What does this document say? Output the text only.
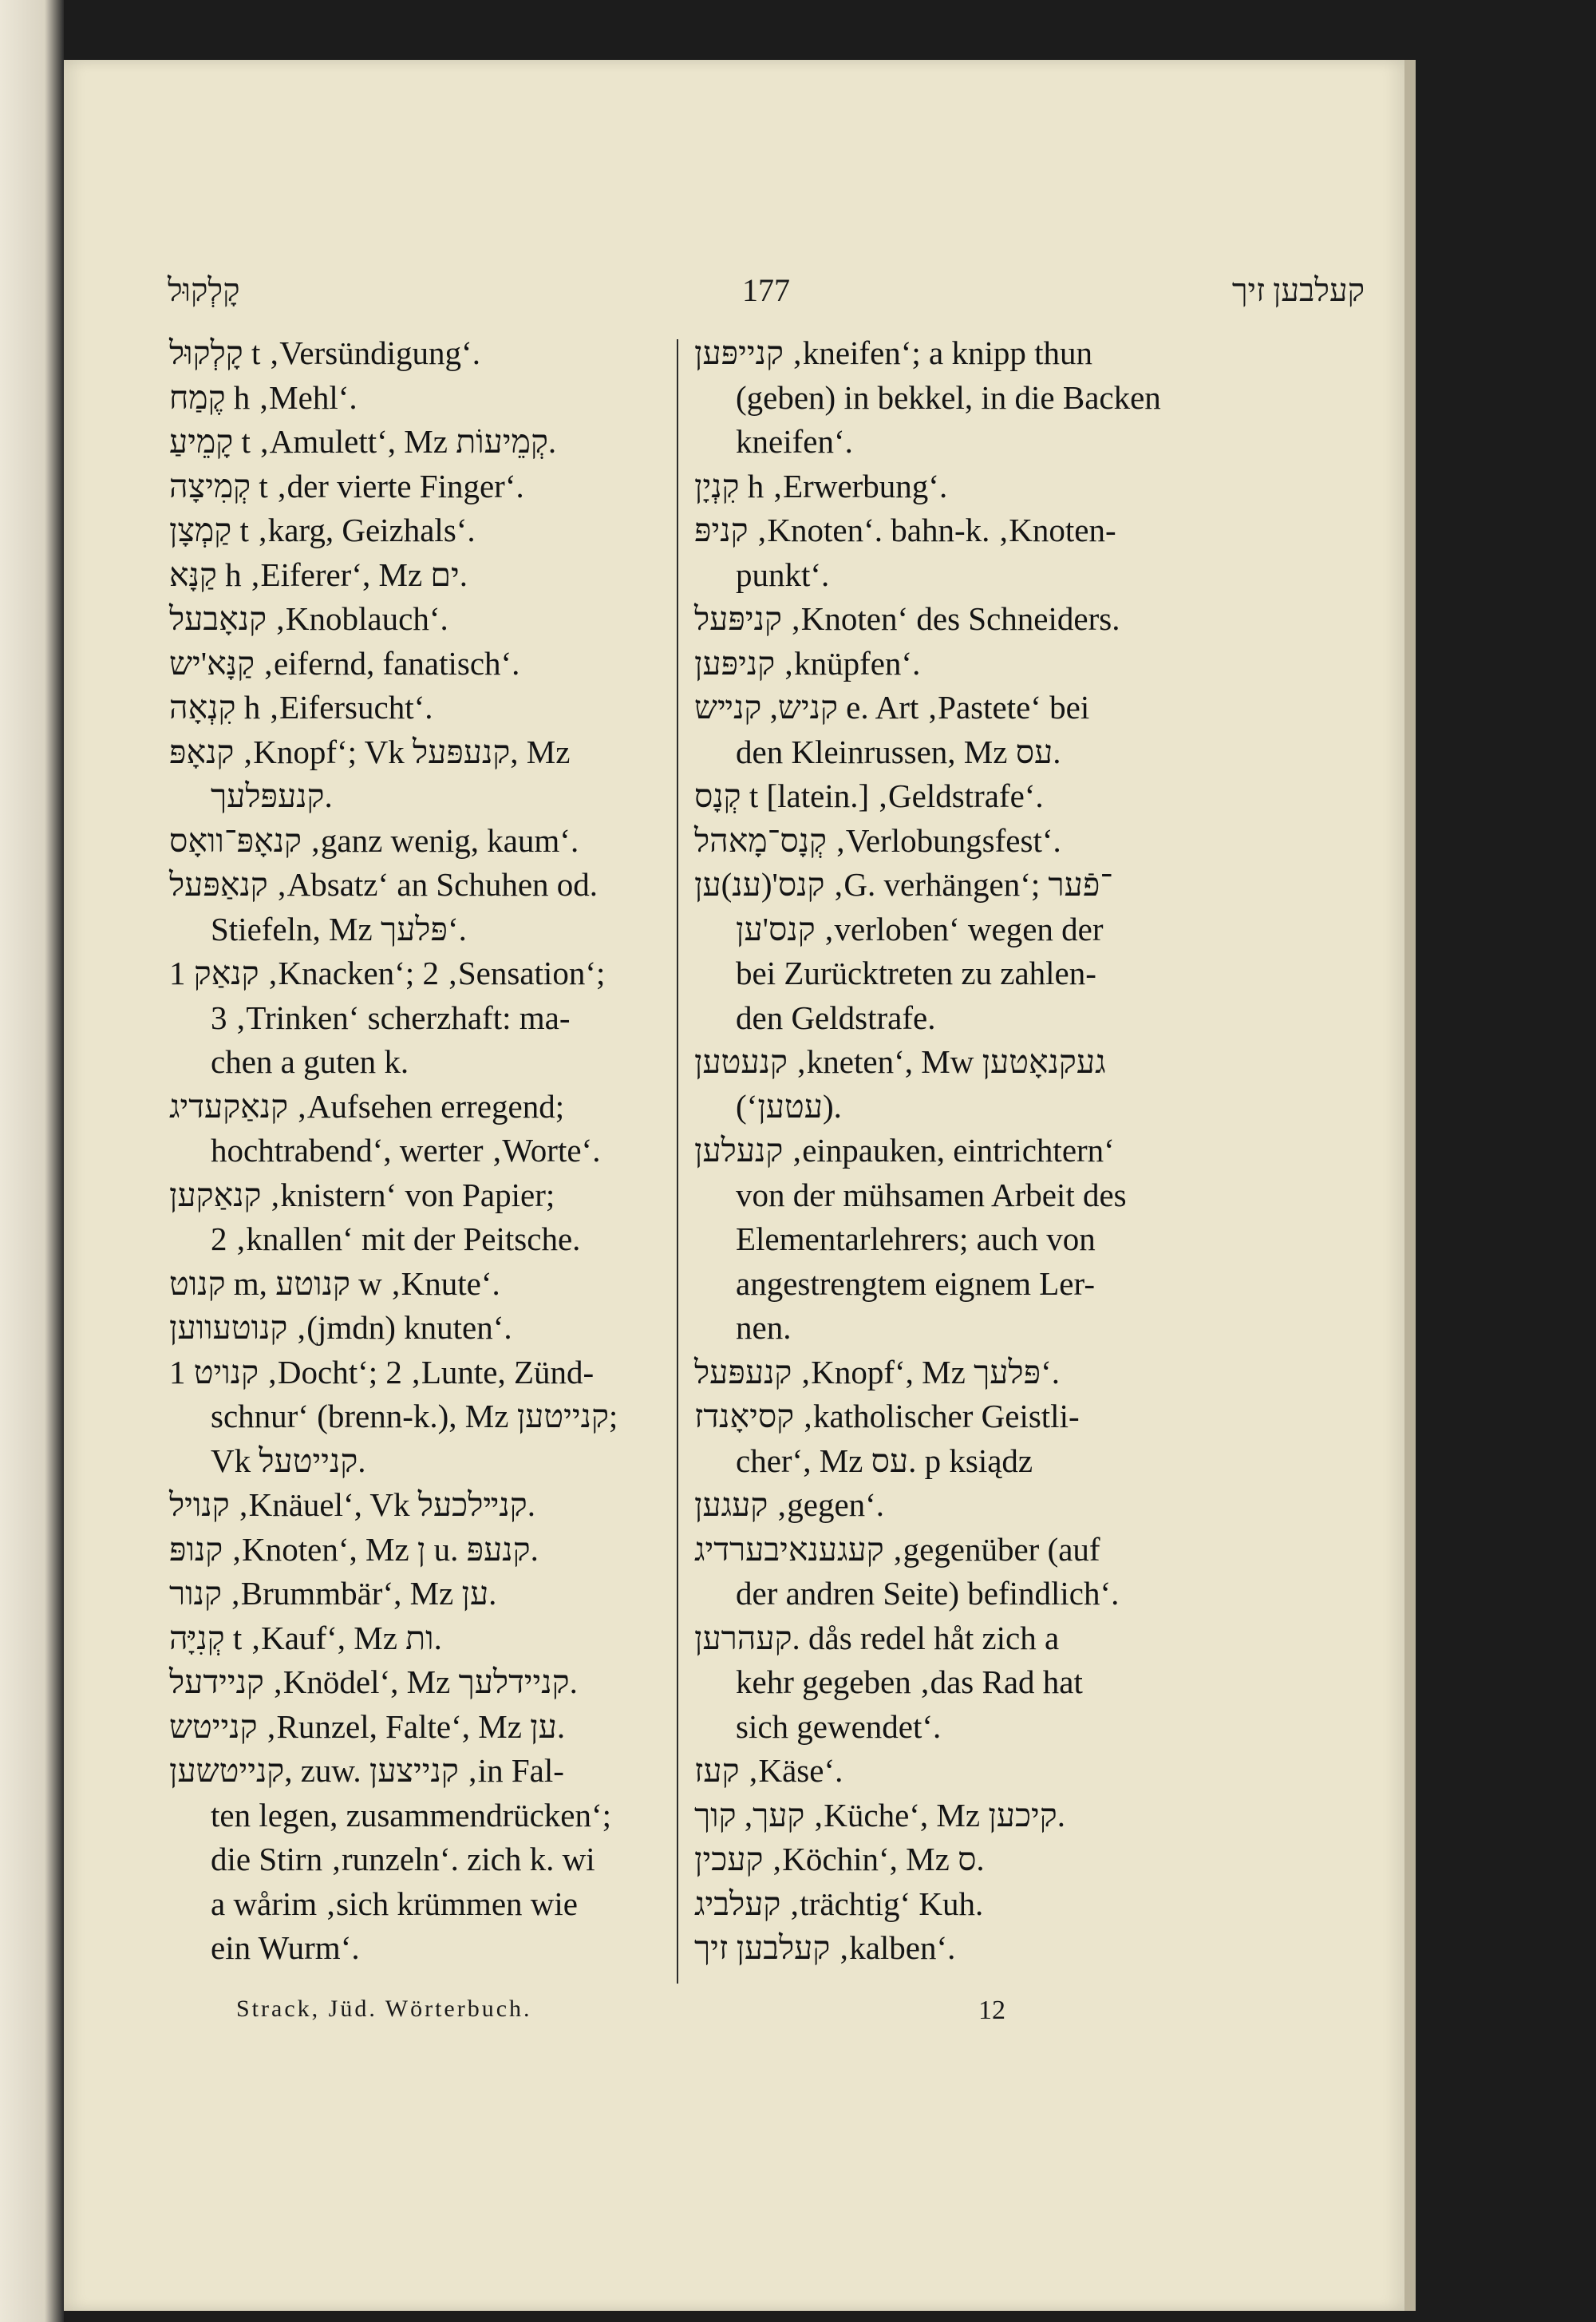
קָלְקוּל	177	קעלבען זיך
קָלְקוּל t ‚Versündigung‘.
קֶמַח h ‚Mehl‘.
קָמֵיעַ t ‚Amulett‘, Mz קְמֵיעוֹת.
קְמִיצָה t ‚der vierte Finger‘.
קַמְצָן t ‚karg, Geizhals‘.
קַנָּא h ‚Eiferer‘, Mz ים.
קנאָבעל ‚Knoblauch‘.
קַנָּא'יש ‚eifernd, fanatisch‘.
קִנְאָה h ‚Eifersucht‘.
קנאָפּ ‚Knopf‘; Vk קנעפּעל, Mz
קנעפּלעך.
קנאָפּ־וואָס ‚ganz wenig, kaum‘.
קנאַפּעל ‚Absatz‘ an Schuhen od.
Stiefeln, Mz פּלעך‘.
קנאַק 1 ‚Knacken‘; 2 ‚Sensation‘;
3 ‚Trinken‘ scherzhaft: ma-
chen a guten k.
קנאַקעדיג ‚Aufsehen erregend;
hochtrabend‘, werter ‚Worte‘.
קנאַקען ‚knistern‘ von Papier;
2 ‚knallen‘ mit der Peitsche.
קנוט m, קנוטע w ‚Knute‘.
קנוטעווען ‚(jmdn) knuten‘.
קנויט 1 ‚Docht‘; 2 ‚Lunte, Zünd-
schnur‘ (brenn-k.), Mz קנייטען;
Vk קנייטעל.
קנויל ‚Knäuel‘, Vk קנײלכעל.
קנופּ ‚Knoten‘, Mz ן u. קנעפּ.
קנור ‚Brummbär‘, Mz ען.
קְנִיָּה t ‚Kauf‘, Mz ות.
קניידעל ‚Knödel‘, Mz קניידלעך.
קנייטש ‚Runzel, Falte‘, Mz ען.
קנייטשען, zuw. קנייצען ‚in Fal-
ten legen, zusammendrücken‘;
die Stirn ‚runzeln‘. zich k. wi
a wårim ‚sich krümmen wie
ein Wurm‘.
קנייפּען ‚kneifen‘; a knipp thun
(geben) in bekkel, in die Backen
kneifen‘.
קִנְיָן h ‚Erwerbung‘.
קניפּ ‚Knoten‘. bahn-k. ‚Knoten-
punkt‘.
קניפּעל ‚Knoten‘ des Schneiders.
קניפּען ‚knüpfen‘.
קניש, קנײש e. Art ‚Pastete‘ bei
den Kleinrussen, Mz עס.
קְנָס t [latein.] ‚Geldstrafe‘.
קְנָס־מָאהל ‚Verlobungsfest‘.
קנס'(ענ)ען ‚G. verhängen‘; ־פֿער
קנס'ען ‚verloben‘ wegen der
bei Zurücktreten zu zahlen-
den Geldstrafe.
קנעטען ‚kneten‘, Mw געקנאָטען
(‘עטען).
קנעלען ‚einpauken, eintrichtern‘
von der mühsamen Arbeit des
Elementarlehrers; auch von
angestrengtem eignem Ler-
nen.
קנעפּעל ‚Knopf‘, Mz פּלעך‘.
קסיאָנדז ‚katholischer Geistli-
cher‘, Mz עס. p ksiądz
קעגען ‚gegen‘.
קעגענאיבערדיג ‚gegenüber (auf
der andren Seite) befindlich‘.
קעהרען. dås redel håt zich a
kehr gegeben ‚das Rad hat
sich gewendet‘.
קעז ‚Käse‘.
קעך, קוך ‚Küche‘, Mz קיכען.
קעכין ‚Köchin‘, Mz ס.
קעלביג ‚trächtig‘ Kuh.
קעלבען זיך ‚kalben‘.
Strack, Jüd. Wörterbuch.	12
